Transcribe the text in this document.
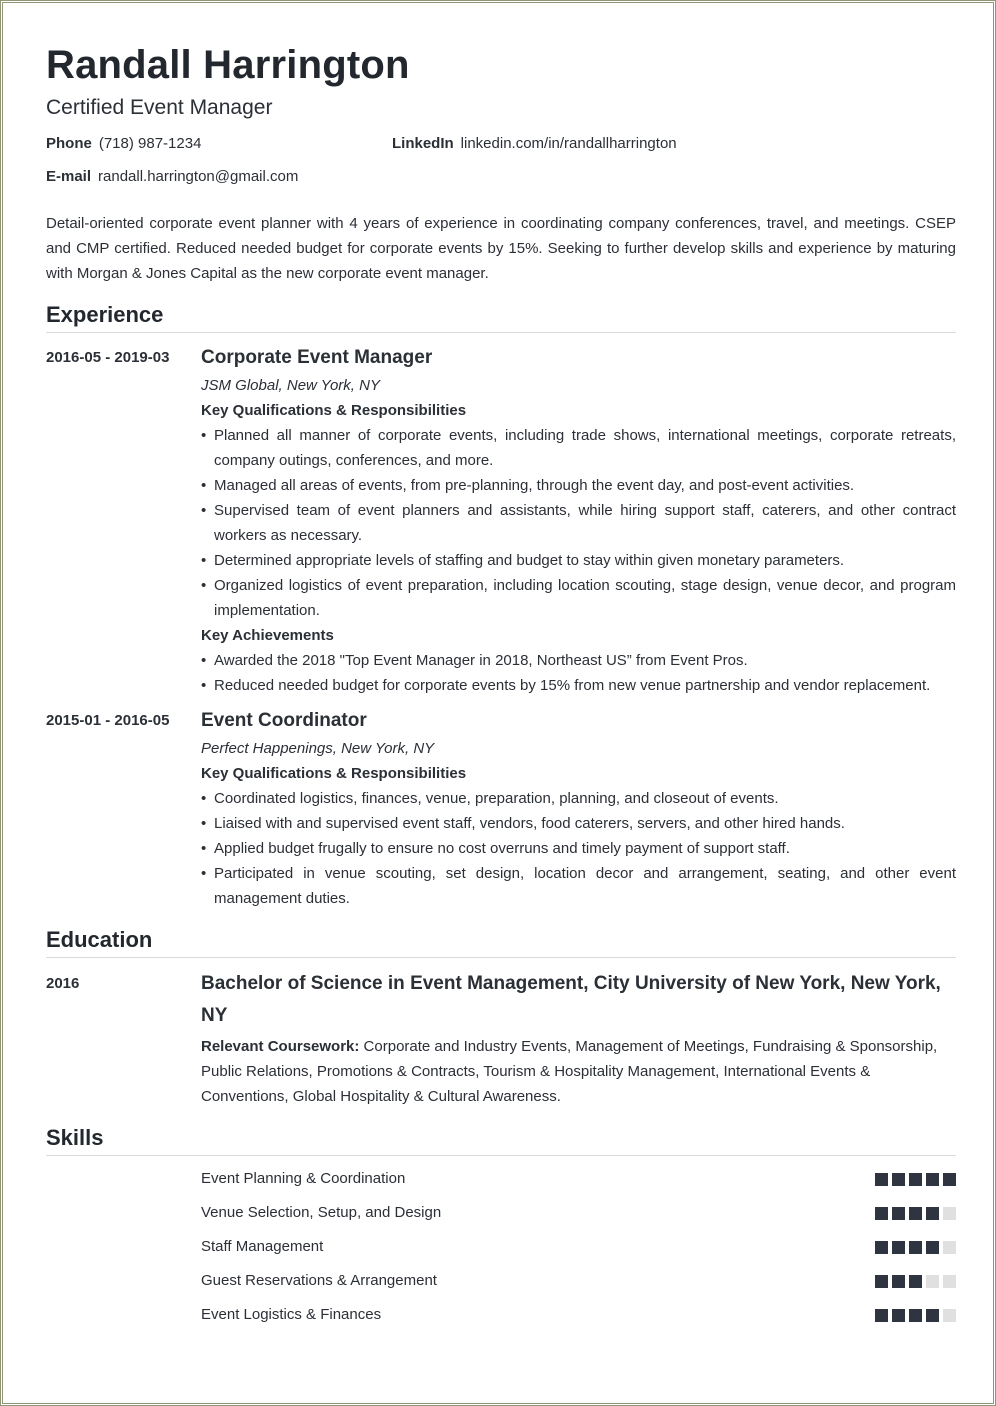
Randall Harrington
Certified Event Manager
Phone (718) 987-1234	LinkedIn linkedin.com/in/randallharrington
E-mail randall.harrington@gmail.com
Detail-oriented corporate event planner with 4 years of experience in coordinating company conferences, travel, and meetings. CSEP and CMP certified. Reduced needed budget for corporate events by 15%. Seeking to further develop skills and experience by maturing with Morgan & Jones Capital as the new corporate event manager.
Experience
2016-05 - 2019-03 Corporate Event Manager
JSM Global, New York, NY
Key Qualifications & Responsibilities
• Planned all manner of corporate events, including trade shows, international meetings, corporate retreats, company outings, conferences, and more.
• Managed all areas of events, from pre-planning, through the event day, and post-event activities.
• Supervised team of event planners and assistants, while hiring support staff, caterers, and other contract workers as necessary.
• Determined appropriate levels of staffing and budget to stay within given monetary parameters.
• Organized logistics of event preparation, including location scouting, stage design, venue decor, and program implementation.
Key Achievements
• Awarded the 2018 "Top Event Manager in 2018, Northeast US” from Event Pros.
• Reduced needed budget for corporate events by 15% from new venue partnership and vendor replacement.
2015-01 - 2016-05 Event Coordinator
Perfect Happenings, New York, NY
Key Qualifications & Responsibilities
• Coordinated logistics, finances, venue, preparation, planning, and closeout of events.
• Liaised with and supervised event staff, vendors, food caterers, servers, and other hired hands.
• Applied budget frugally to ensure no cost overruns and timely payment of support staff.
• Participated in venue scouting, set design, location decor and arrangement, seating, and other event management duties.
Education
2016	Bachelor of Science in Event Management, City University of New York, New York, NY
Relevant Coursework: Corporate and Industry Events, Management of Meetings, Fundraising & Sponsorship, Public Relations, Promotions & Contracts, Tourism & Hospitality Management, International Events & Conventions, Global Hospitality & Cultural Awareness.
Skills
Event Planning & Coordination
Venue Selection, Setup, and Design
Staff Management
Guest Reservations & Arrangement
Event Logistics & Finances
